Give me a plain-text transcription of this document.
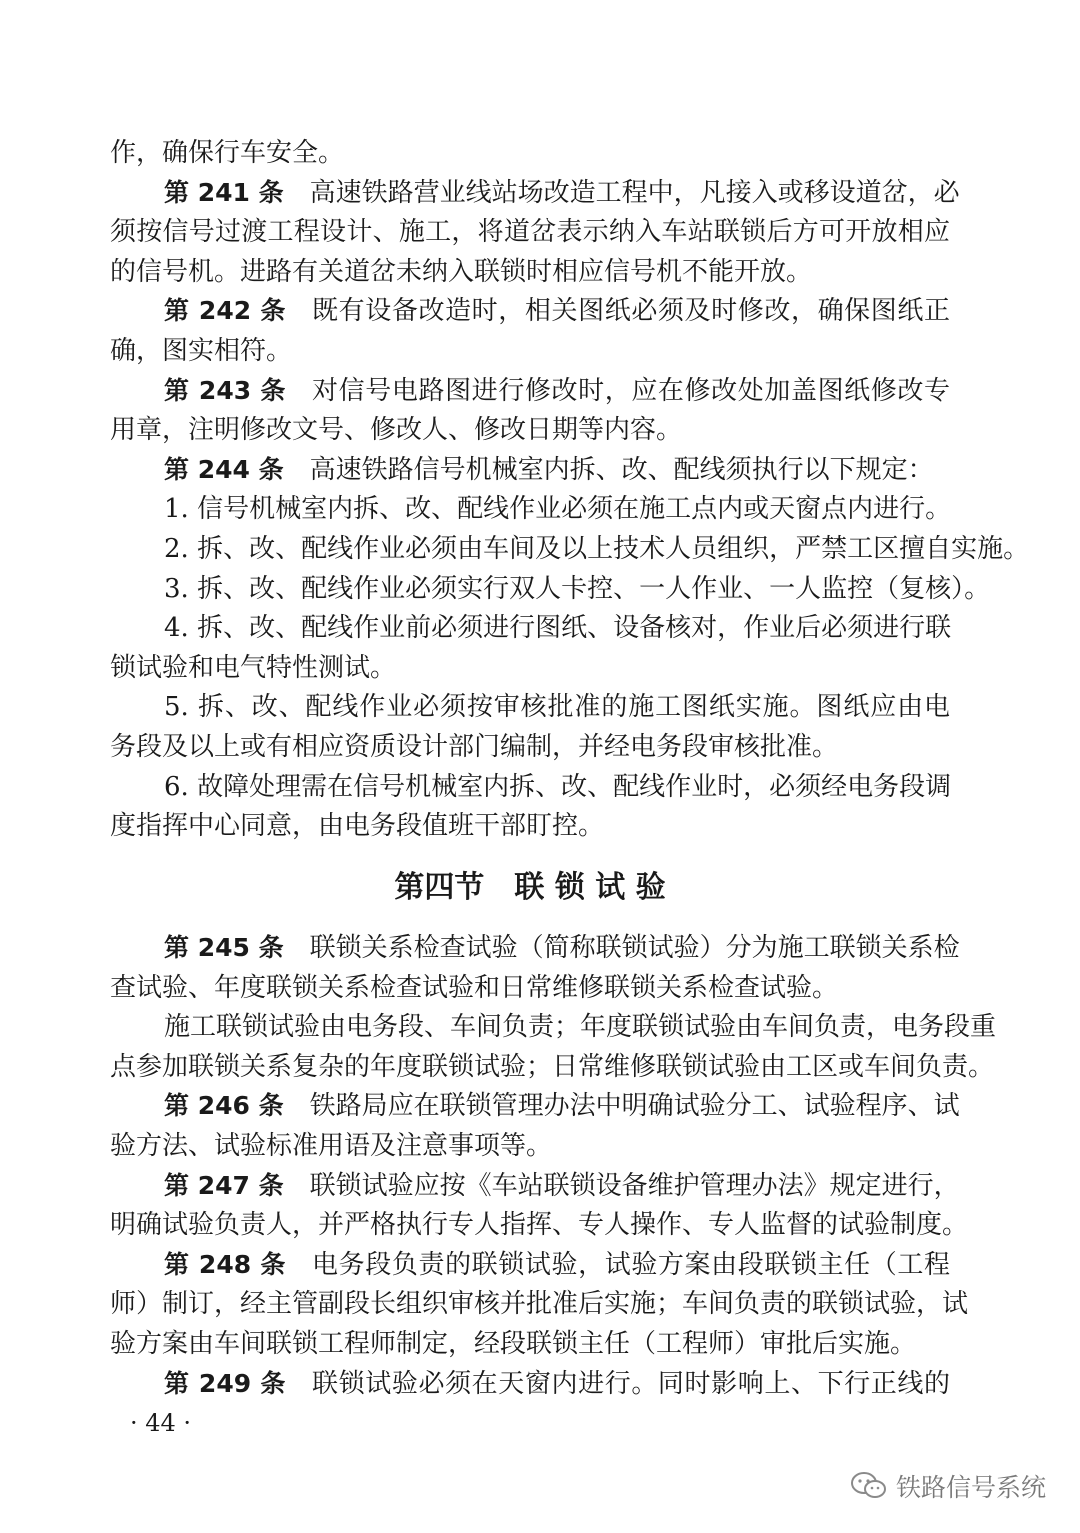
作，确保行车安全。
第 241 条 高速铁路营业线站场改造工程中，凡接入或移设道岔，必
须按信号过渡工程设计、施工，将道岔表示纳入车站联锁后方可开放相应
的信号机。进路有关道岔未纳入联锁时相应信号机不能开放。
第 242 条 既有设备改造时，相关图纸必须及时修改，确保图纸正
确，图实相符。
第 243 条 对信号电路图进行修改时，应在修改处加盖图纸修改专
用章，注明修改文号、修改人、修改日期等内容。
第 244 条 高速铁路信号机械室内拆、改、配线须执行以下规定：
1. 信号机械室内拆、改、配线作业必须在施工点内或天窗点内进行。
2. 拆、改、配线作业必须由车间及以上技术人员组织，严禁工区擅自实施。
3. 拆、改、配线作业必须实行双人卡控、一人作业、一人监控（复核）。
4. 拆、改、配线作业前必须进行图纸、设备核对，作业后必须进行联
锁试验和电气特性测试。
5. 拆、改、配线作业必须按审核批准的施工图纸实施。图纸应由电
务段及以上或有相应资质设计部门编制，并经电务段审核批准。
6. 故障处理需在信号机械室内拆、改、配线作业时，必须经电务段调
度指挥中心同意，由电务段值班干部盯控。
第四节　联 锁 试 验
第 245 条 联锁关系检查试验（简称联锁试验）分为施工联锁关系检
查试验、年度联锁关系检查试验和日常维修联锁关系检查试验。
施工联锁试验由电务段、车间负责；年度联锁试验由车间负责，电务段重
点参加联锁关系复杂的年度联锁试验；日常维修联锁试验由工区或车间负责。
第 246 条 铁路局应在联锁管理办法中明确试验分工、试验程序、试
验方法、试验标准用语及注意事项等。
第 247 条 联锁试验应按《车站联锁设备维护管理办法》规定进行，
明确试验负责人，并严格执行专人指挥、专人操作、专人监督的试验制度。
第 248 条 电务段负责的联锁试验，试验方案由段联锁主任（工程
师）制订，经主管副段长组织审核并批准后实施；车间负责的联锁试验，试
验方案由车间联锁工程师制定，经段联锁主任（工程师）审批后实施。
第 249 条 联锁试验必须在天窗内进行。同时影响上、下行正线的
· 44 ·
铁路信号系统
